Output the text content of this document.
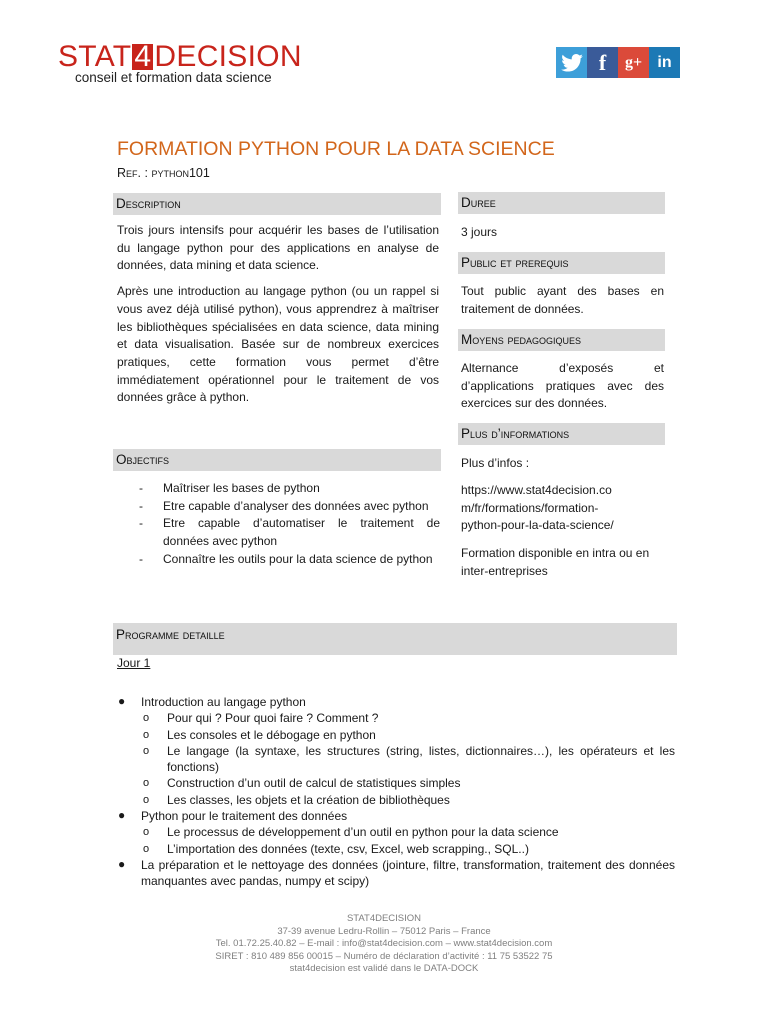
STAT 4 DECISION
conseil et formation data science
f g+ in
FORMATION PYTHON POUR LA DATA SCIENCE
Ref. : python101
Description
Trois jours intensifs pour acquérir les bases de l’utilisation du langage python pour des applications en analyse de données, data mining et data science.
Après une introduction au langage python (ou un rappel si vous avez déjà utilisé python), vous apprendrez à maîtriser les bibliothèques spécialisées en data science, data mining et data visualisation. Basée sur de nombreux exercices pratiques, cette formation vous permet d’être immédiatement opérationnel pour le traitement de vos données grâce à python.
Objectifs
- Maîtriser les bases de python
- Etre capable d’analyser des données avec python
- Etre capable d’automatiser le traitement de données avec python
- Connaître les outils pour la data science de python
Duree
3 jours
Public et prerequis
Tout public ayant des bases en traitement de données.
Moyens pedagogiques
Alternance d’exposés et d’applications pratiques avec des exercices sur des données.
Plus d’informations
Plus d’infos :
https://www.stat4decision.co
m/fr/formations/formation-
python-pour-la-data-science/
Formation disponible en intra ou en inter-entreprises
Programme detaille
Jour 1
● Introduction au langage python
o Pour qui ? Pour quoi faire ? Comment ?
o Les consoles et le débogage en python
o Le langage (la syntaxe, les structures (string, listes, dictionnaires…), les opérateurs et les fonctions)
o Construction d’un outil de calcul de statistiques simples
o Les classes, les objets et la création de bibliothèques
● Python pour le traitement des données
o Le processus de développement d’un outil en python pour la data science
o L’importation des données (texte, csv, Excel, web scrapping., SQL..)
● La préparation et le nettoyage des données (jointure, filtre, transformation, traitement des données manquantes avec pandas, numpy et scipy)
STAT4DECISION
37-39 avenue Ledru-Rollin – 75012 Paris – France
Tel. 01.72.25.40.82 – E-mail : info@stat4decision.com – www.stat4decision.com
SIRET : 810 489 856 00015 – Numéro de déclaration d’activité : 11 75 53522 75
stat4decision est validé dans le DATA-DOCK
